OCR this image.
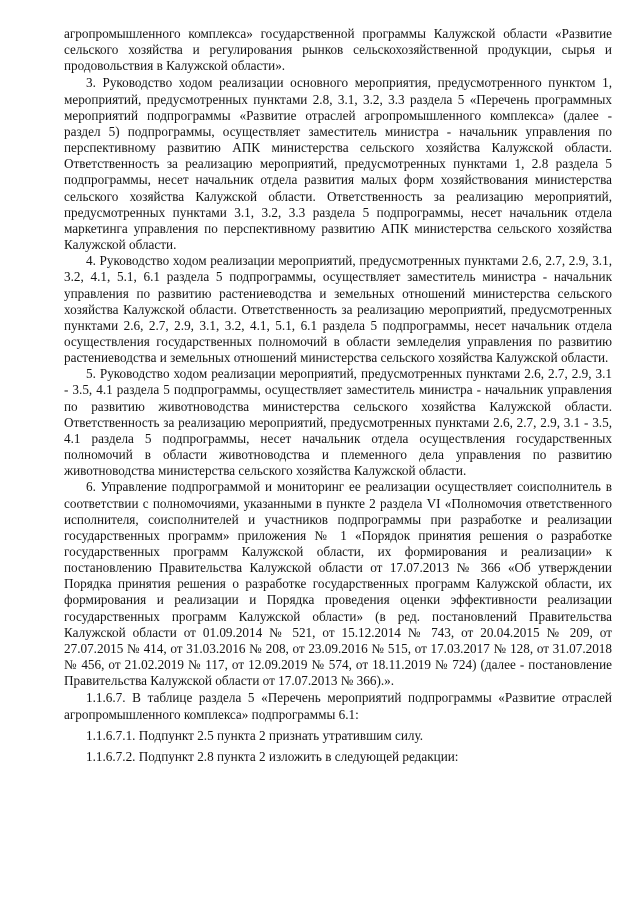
агропромышленного комплекса» государственной программы Калужской области «Развитие сельского хозяйства и регулирования рынков сельскохозяйственной продукции, сырья и продовольствия в Калужской области».

3. Руководство ходом реализации основного мероприятия, предусмотренного пунктом 1, мероприятий, предусмотренных пунктами 2.8, 3.1, 3.2, 3.3 раздела 5 «Перечень программных мероприятий подпрограммы «Развитие отраслей агропромышленного комплекса» (далее - раздел 5) подпрограммы, осуществляет заместитель министра - начальник управления по перспективному развитию АПК министерства сельского хозяйства Калужской области. Ответственность за реализацию мероприятий, предусмотренных пунктами 1, 2.8 раздела 5 подпрограммы, несет начальник отдела развития малых форм хозяйствования министерства сельского хозяйства Калужской области. Ответственность за реализацию мероприятий, предусмотренных пунктами 3.1, 3.2, 3.3 раздела 5 подпрограммы, несет начальник отдела маркетинга управления по перспективному развитию АПК министерства сельского хозяйства Калужской области.

4. Руководство ходом реализации мероприятий, предусмотренных пунктами 2.6, 2.7, 2.9, 3.1, 3.2, 4.1, 5.1, 6.1 раздела 5 подпрограммы, осуществляет заместитель министра - начальник управления по развитию растениеводства и земельных отношений министерства сельского хозяйства Калужской области. Ответственность за реализацию мероприятий, предусмотренных пунктами 2.6, 2.7, 2.9, 3.1, 3.2, 4.1, 5.1, 6.1 раздела 5 подпрограммы, несет начальник отдела осуществления государственных полномочий в области земледелия управления по развитию растениеводства и земельных отношений министерства сельского хозяйства Калужской области.

5. Руководство ходом реализации мероприятий, предусмотренных пунктами 2.6, 2.7, 2.9, 3.1 - 3.5, 4.1 раздела 5 подпрограммы, осуществляет заместитель министра - начальник управления по развитию животноводства министерства сельского хозяйства Калужской области. Ответственность за реализацию мероприятий, предусмотренных пунктами 2.6, 2.7, 2.9, 3.1 - 3.5, 4.1 раздела 5 подпрограммы, несет начальник отдела осуществления государственных полномочий в области животноводства и племенного дела управления по развитию животноводства министерства сельского хозяйства Калужской области.

6. Управление подпрограммой и мониторинг ее реализации осуществляет соисполнитель в соответствии с полномочиями, указанными в пункте 2 раздела VI «Полномочия ответственного исполнителя, соисполнителей и участников подпрограммы при разработке и реализации государственных программ» приложения № 1 «Порядок принятия решения о разработке государственных программ Калужской области, их формирования и реализации» к постановлению Правительства Калужской области от 17.07.2013 № 366 «Об утверждении Порядка принятия решения о разработке государственных программ Калужской области, их формирования и реализации и Порядка проведения оценки эффективности реализации государственных программ Калужской области» (в ред. постановлений Правительства Калужской области от 01.09.2014 № 521, от 15.12.2014 № 743, от 20.04.2015 № 209, от 27.07.2015 № 414, от 31.03.2016 № 208, от 23.09.2016 № 515, от 17.03.2017 № 128, от 31.07.2018 № 456, от 21.02.2019 № 117, от 12.09.2019 № 574, от 18.11.2019 № 724) (далее - постановление Правительства Калужской области от 17.07.2013 № 366).».

1.1.6.7. В таблице раздела 5 «Перечень мероприятий подпрограммы «Развитие отраслей агропромышленного комплекса» подпрограммы 6.1:

1.1.6.7.1. Подпункт 2.5 пункта 2 признать утратившим силу.

1.1.6.7.2. Подпункт 2.8 пункта 2 изложить в следующей редакции:
